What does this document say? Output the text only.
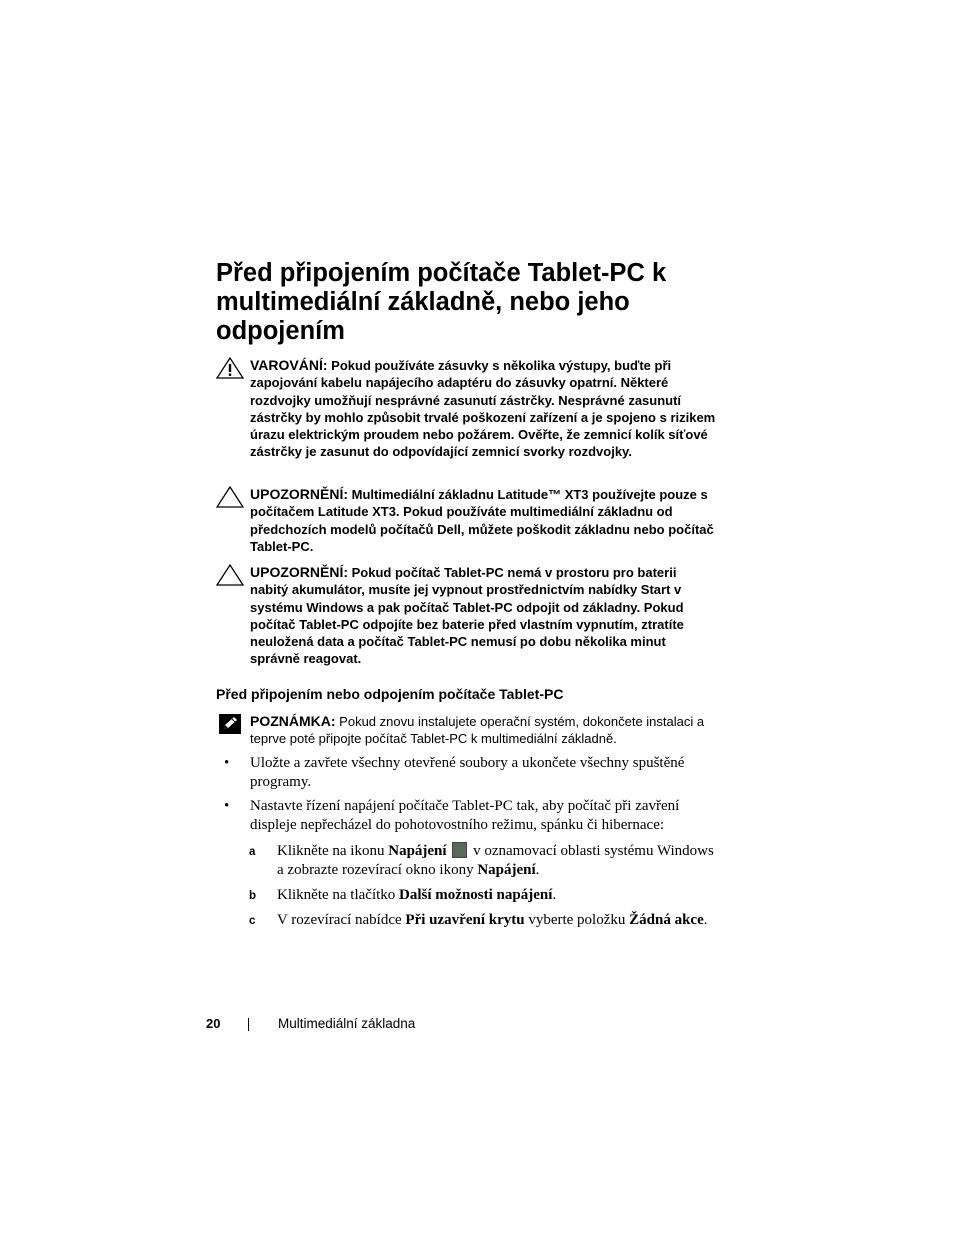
Před připojením počítače Tablet-PC k multimediální základně, nebo jeho odpojením
VAROVÁNÍ: Pokud používáte zásuvky s několika výstupy, buďte při zapojování kabelu napájecího adaptéru do zásuvky opatrní. Některé rozdvojky umožňují nesprávné zasunutí zástrčky. Nesprávné zasunutí zástrčky by mohlo způsobit trvalé poškození zařízení a je spojeno s rizikem úrazu elektrickým proudem nebo požárem. Ověřte, že zemnicí kolík síťové zástrčky je zasunut do odpovídající zemnicí svorky rozdvojky.
UPOZORNĚNÍ: Multimediální základnu Latitude™ XT3 používejte pouze s počítačem Latitude XT3. Pokud používáte multimediální základnu od předchozích modelů počítačů Dell, můžete poškodit základnu nebo počítač Tablet-PC.
UPOZORNĚNÍ: Pokud počítač Tablet-PC nemá v prostoru pro baterii nabitý akumulátor, musíte jej vypnout prostřednictvím nabídky Start v systému Windows a pak počítač Tablet-PC odpojit od základny. Pokud počítač Tablet-PC odpojíte bez baterie před vlastním vypnutím, ztratíte neuložená data a počítač Tablet-PC nemusí po dobu několika minut správně reagovat.
Před připojením nebo odpojením počítače Tablet-PC
POZNÁMKA: Pokud znovu instalujete operační systém, dokončete instalaci a teprve poté připojte počítač Tablet-PC k multimediální základně.
• Uložte a zavřete všechny otevřené soubory a ukončete všechny spuštěné programy.
• Nastavte řízení napájení počítače Tablet-PC tak, aby počítač při zavření displeje nepřecházel do pohotovostního režimu, spánku či hibernace:
a Klikněte na ikonu Napájení v oznamovací oblasti systému Windows a zobrazte rozevírací okno ikony Napájení.
b Klikněte na tlačítko Další možnosti napájení.
c V rozevírací nabídce Při uzavření krytu vyberte položku Žádná akce.
20	Multimediální základna
